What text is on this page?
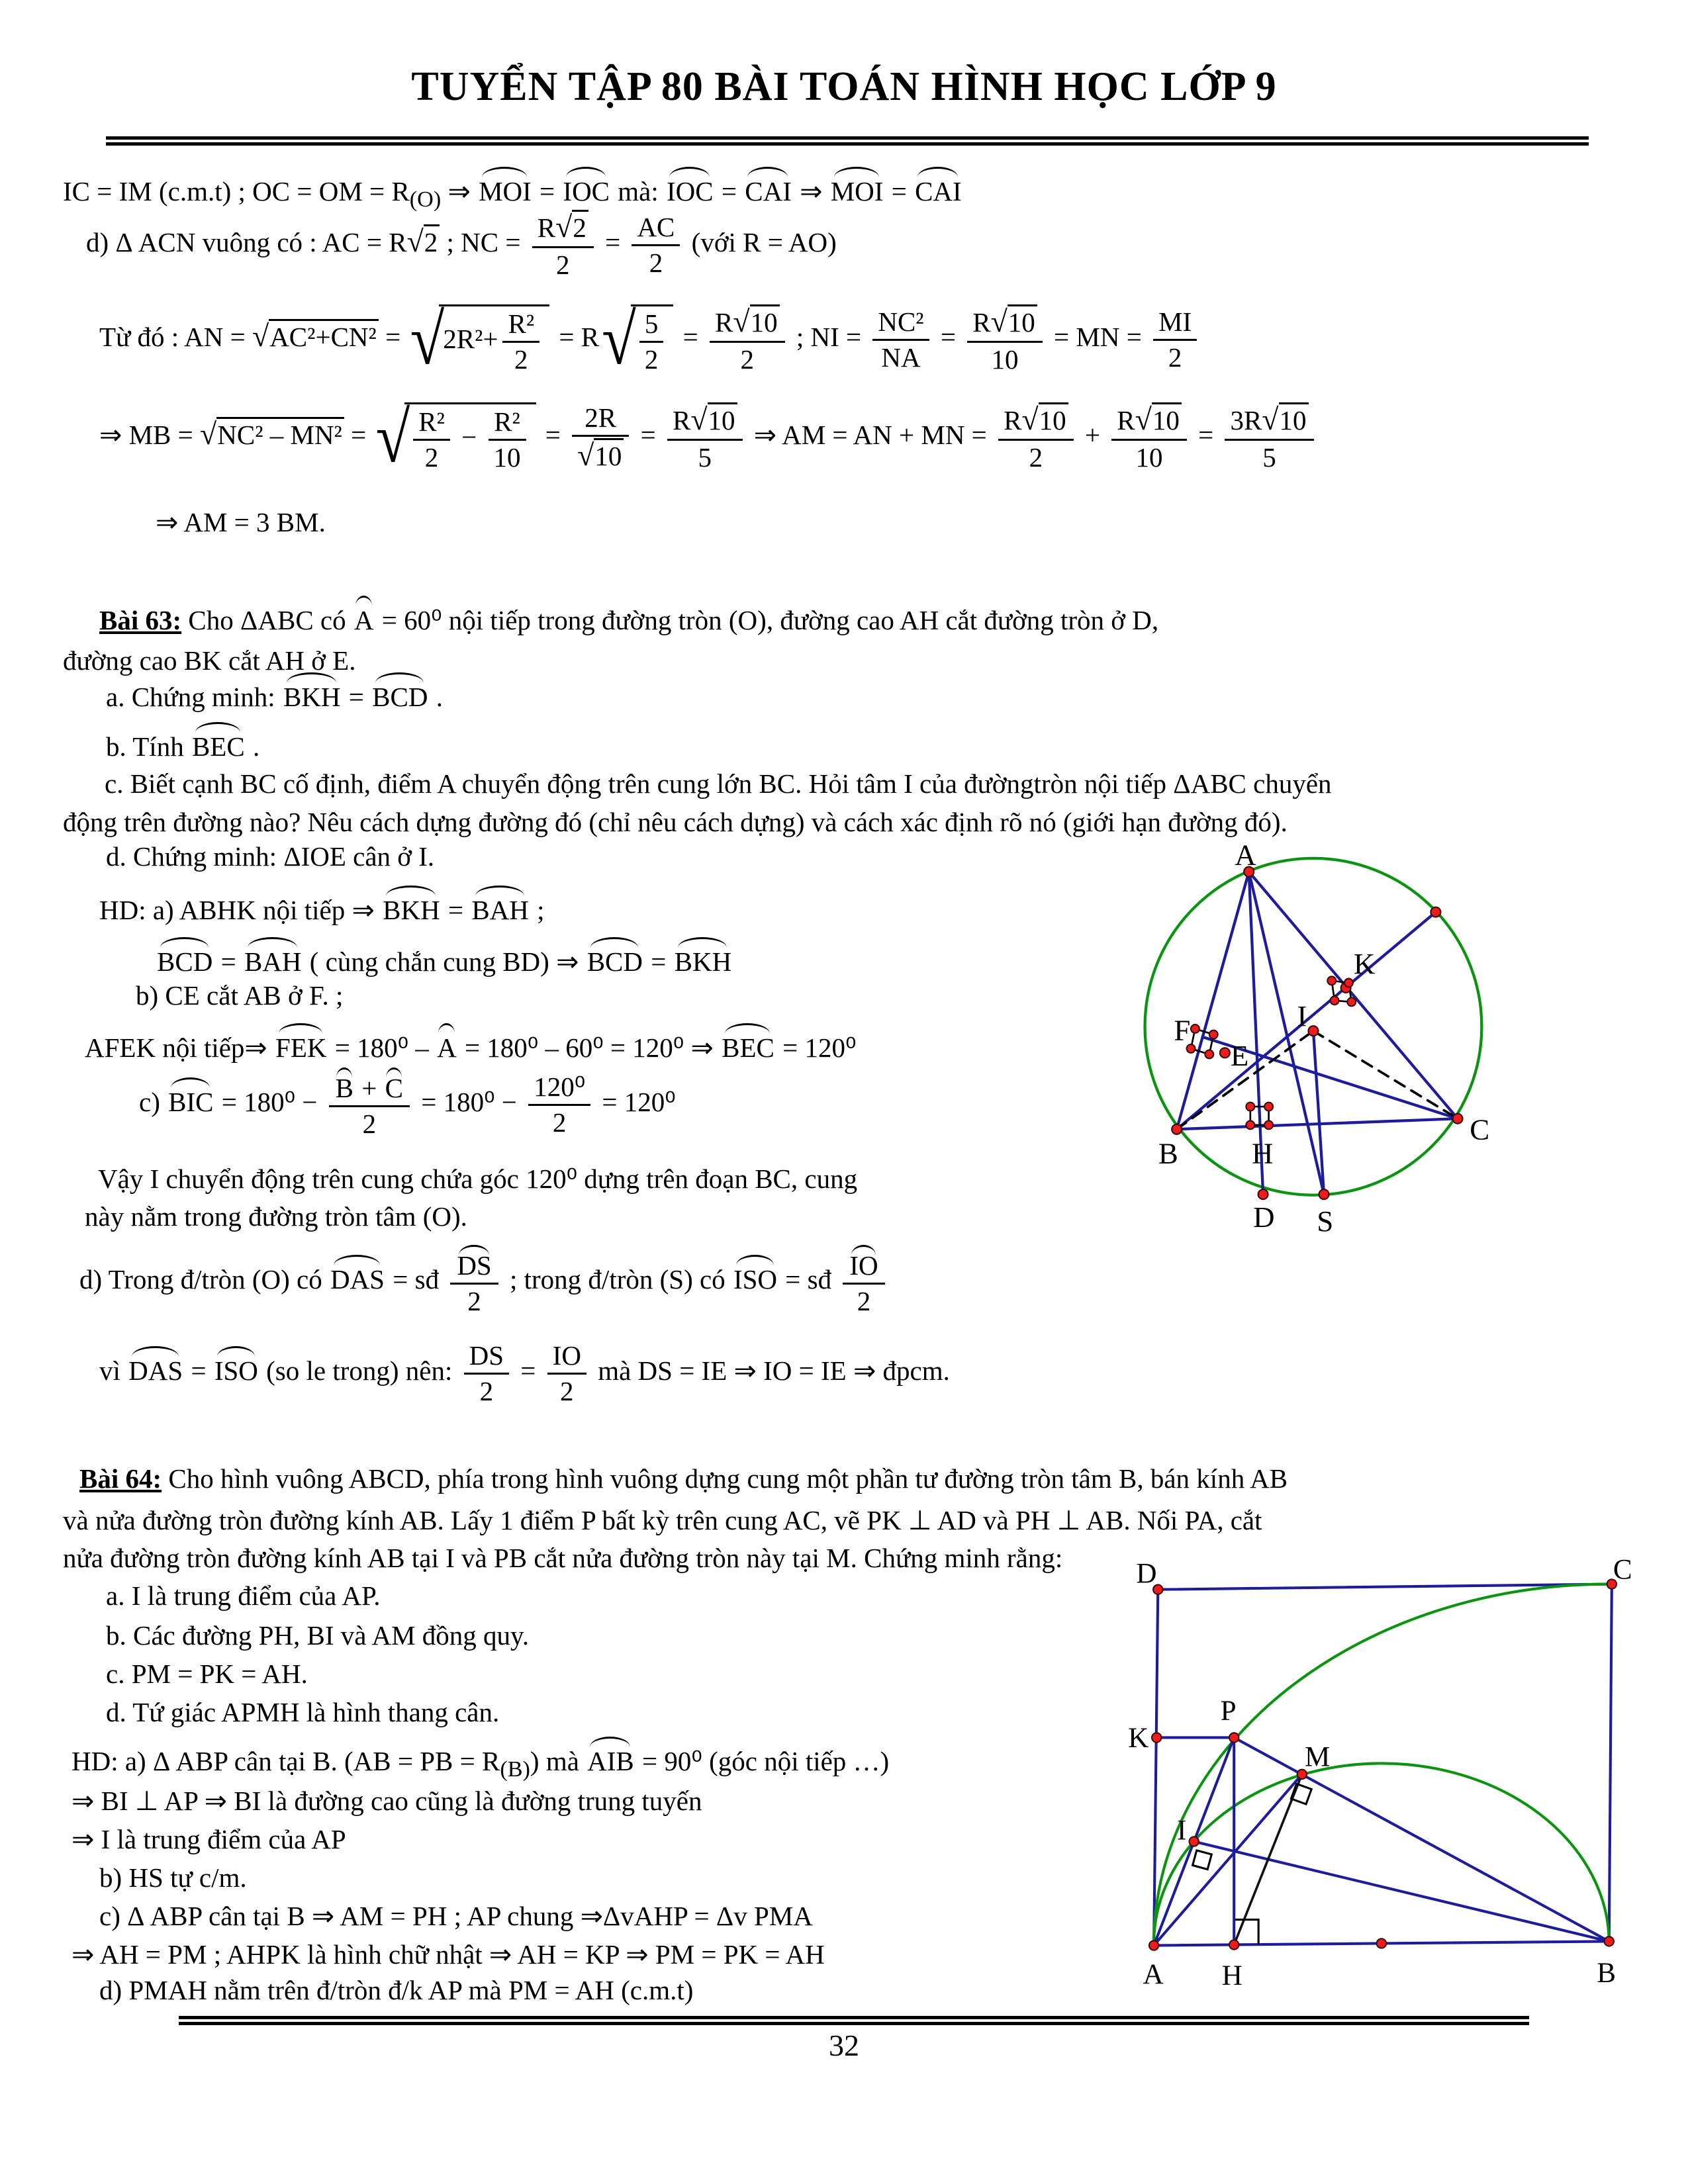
TUYỂN TẬP 80 BÀI TOÁN HÌNH HỌC LỚP 9
IC = IM (c.m.t) ; OC = OM = $R_{(O)}$ ⇒ MOI = IOC mà: IOC = CAI ⇒ MOI = CAI
d) Δ ACN vuông có : AC = R√2 ; NC = $\frac{R√2}{2} = \frac{AC}{2}$ (với R = AO)
Từ đó : AN = $√AC^2+CN^2 = √2R^2+ \frac{\text{R²}}{2} = R√ \frac{5}{2} = \frac{R√10}{2}$ ; NI = $\frac{\text{NC²}}{NA} = \frac{R√10}{10}$ = MN = $\frac{MI}{2}$
⇒ MB = √NC² – MN² = √ $\frac{\text{R²}}{2} - \frac{\text{R²}}{10} = \frac{2R}{√10} = \frac{R√10}{5}$ ⇒ AM = AN + MN = $\frac{R√10}{2} + \frac{R√10}{10} = \frac{3R√10}{5}$
⇒ AM = 3 BM.
Bài 63: Cho ΔABC có A = 60⁰ nội tiếp trong đường tròn (O), đường cao AH cắt đường tròn ở D,
đường cao BK cắt AH ở E.
a. Chứng minh: BKH = BCD .
b. Tính BEC .
c. Biết cạnh BC cố định, điểm A chuyển động trên cung lớn BC. Hỏi tâm I của đườngtròn nội tiếp ΔABC chuyển
động trên đường nào? Nêu cách dựng đường đó (chỉ nêu cách dựng) và cách xác định rõ nó (giới hạn đường đó).
d. Chứng minh: ΔIOE cân ở I.
HD: a) ABHK nội tiếp ⇒ BKH = BAH ;
BCD = BAH ( cùng chắn cung BD) ⇒ BCD = BKH
b) CE cắt AB ở F. ;
AFEK nội tiếp⇒ FEK = 180⁰ – A = 180⁰ – 60⁰ = 120⁰ ⇒ BEC = 120⁰
c) BIC = $180^0 - \frac{B + C}{2} = 180^0 - \frac{\text{120⁰}}{2} = 120^0$
Vậy I chuyển động trên cung chứa góc 120⁰ dựng trên đoạn BC, cung
này nằm trong đường tròn tâm (O).
d) Trong đ/tròn (O) có DAS = sđ $\frac{DS}{2}$ ; trong đ/tròn (S) có ISO = sđ $\frac{IO}{2}$
vì DAS = ISO (so le trong) nên: $\frac{DS}{2} = \frac{IO}{2}$ mà DS = IE ⇒ IO = IE ⇒ đpcm.
Bài 64: Cho hình vuông ABCD, phía trong hình vuông dựng cung một phần tư đường tròn tâm B, bán kính AB
và nửa đường tròn đường kính AB. Lấy 1 điểm P bất kỳ trên cung AC, vẽ PK ⊥ AD và PH ⊥ AB. Nối PA, cắt
nửa đường tròn đường kính AB tại I và PB cắt nửa đường tròn này tại M. Chứng minh rằng:
a. I là trung điểm của AP.
b. Các đường PH, BI và AM đồng quy.
c. PM = PK = AH.
d. Tứ giác APMH là hình thang cân.
HD: a) Δ ABP cân tại B. (AB = PB = $R_{(B)}$) mà AIB = 90⁰ (góc nội tiếp …)
⇒ BI ⊥ AP ⇒ BI là đường cao cũng là đường trung tuyến
⇒ I là trung điểm của AP
b) HS tự c/m.
c) Δ ABP cân tại B ⇒ AM = PH ; AP chung ⇒ΔvAHP = Δv PMA
⇒ AH = PM ; AHPK là hình chữ nhật ⇒ AH = KP ⇒ PM = PK = AH
d) PMAH nằm trên đ/tròn đ/k AP mà PM = AH (c.m.t)
A
K
F
E
I
B	H
C
D S
D	C
K
P
M
I
A H	B
32
